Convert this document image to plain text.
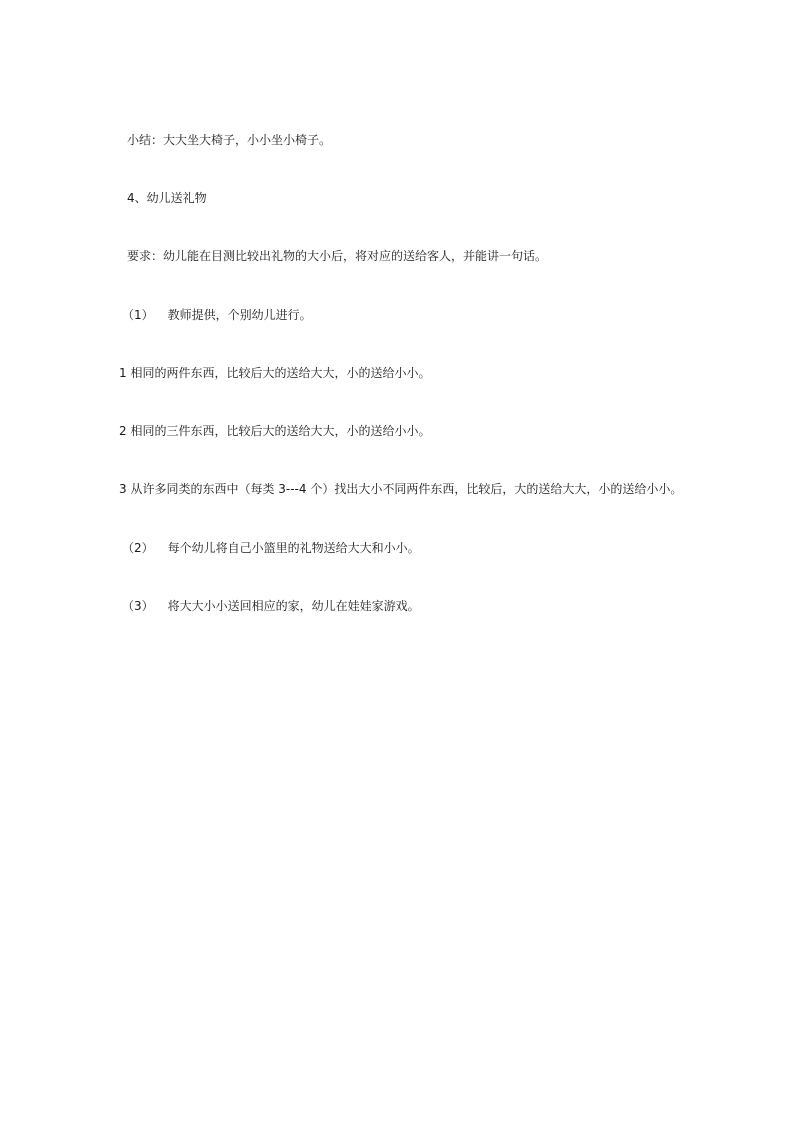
小结：大大坐大椅子，小小坐小椅子。
4、幼儿送礼物
要求：幼儿能在目测比较出礼物的大小后，将对应的送给客人，并能讲一句话。
（1） 教师提供，个别幼儿进行。
1 相同的两件东西，比较后大的送给大大，小的送给小小。
2 相同的三件东西，比较后大的送给大大，小的送给小小。
3 从许多同类的东西中（每类 3---4 个）找出大小不同两件东西，比较后，大的送给大大，小的送给小小。
（2） 每个幼儿将自己小篮里的礼物送给大大和小小。
（3） 将大大小小送回相应的家，幼儿在娃娃家游戏。
